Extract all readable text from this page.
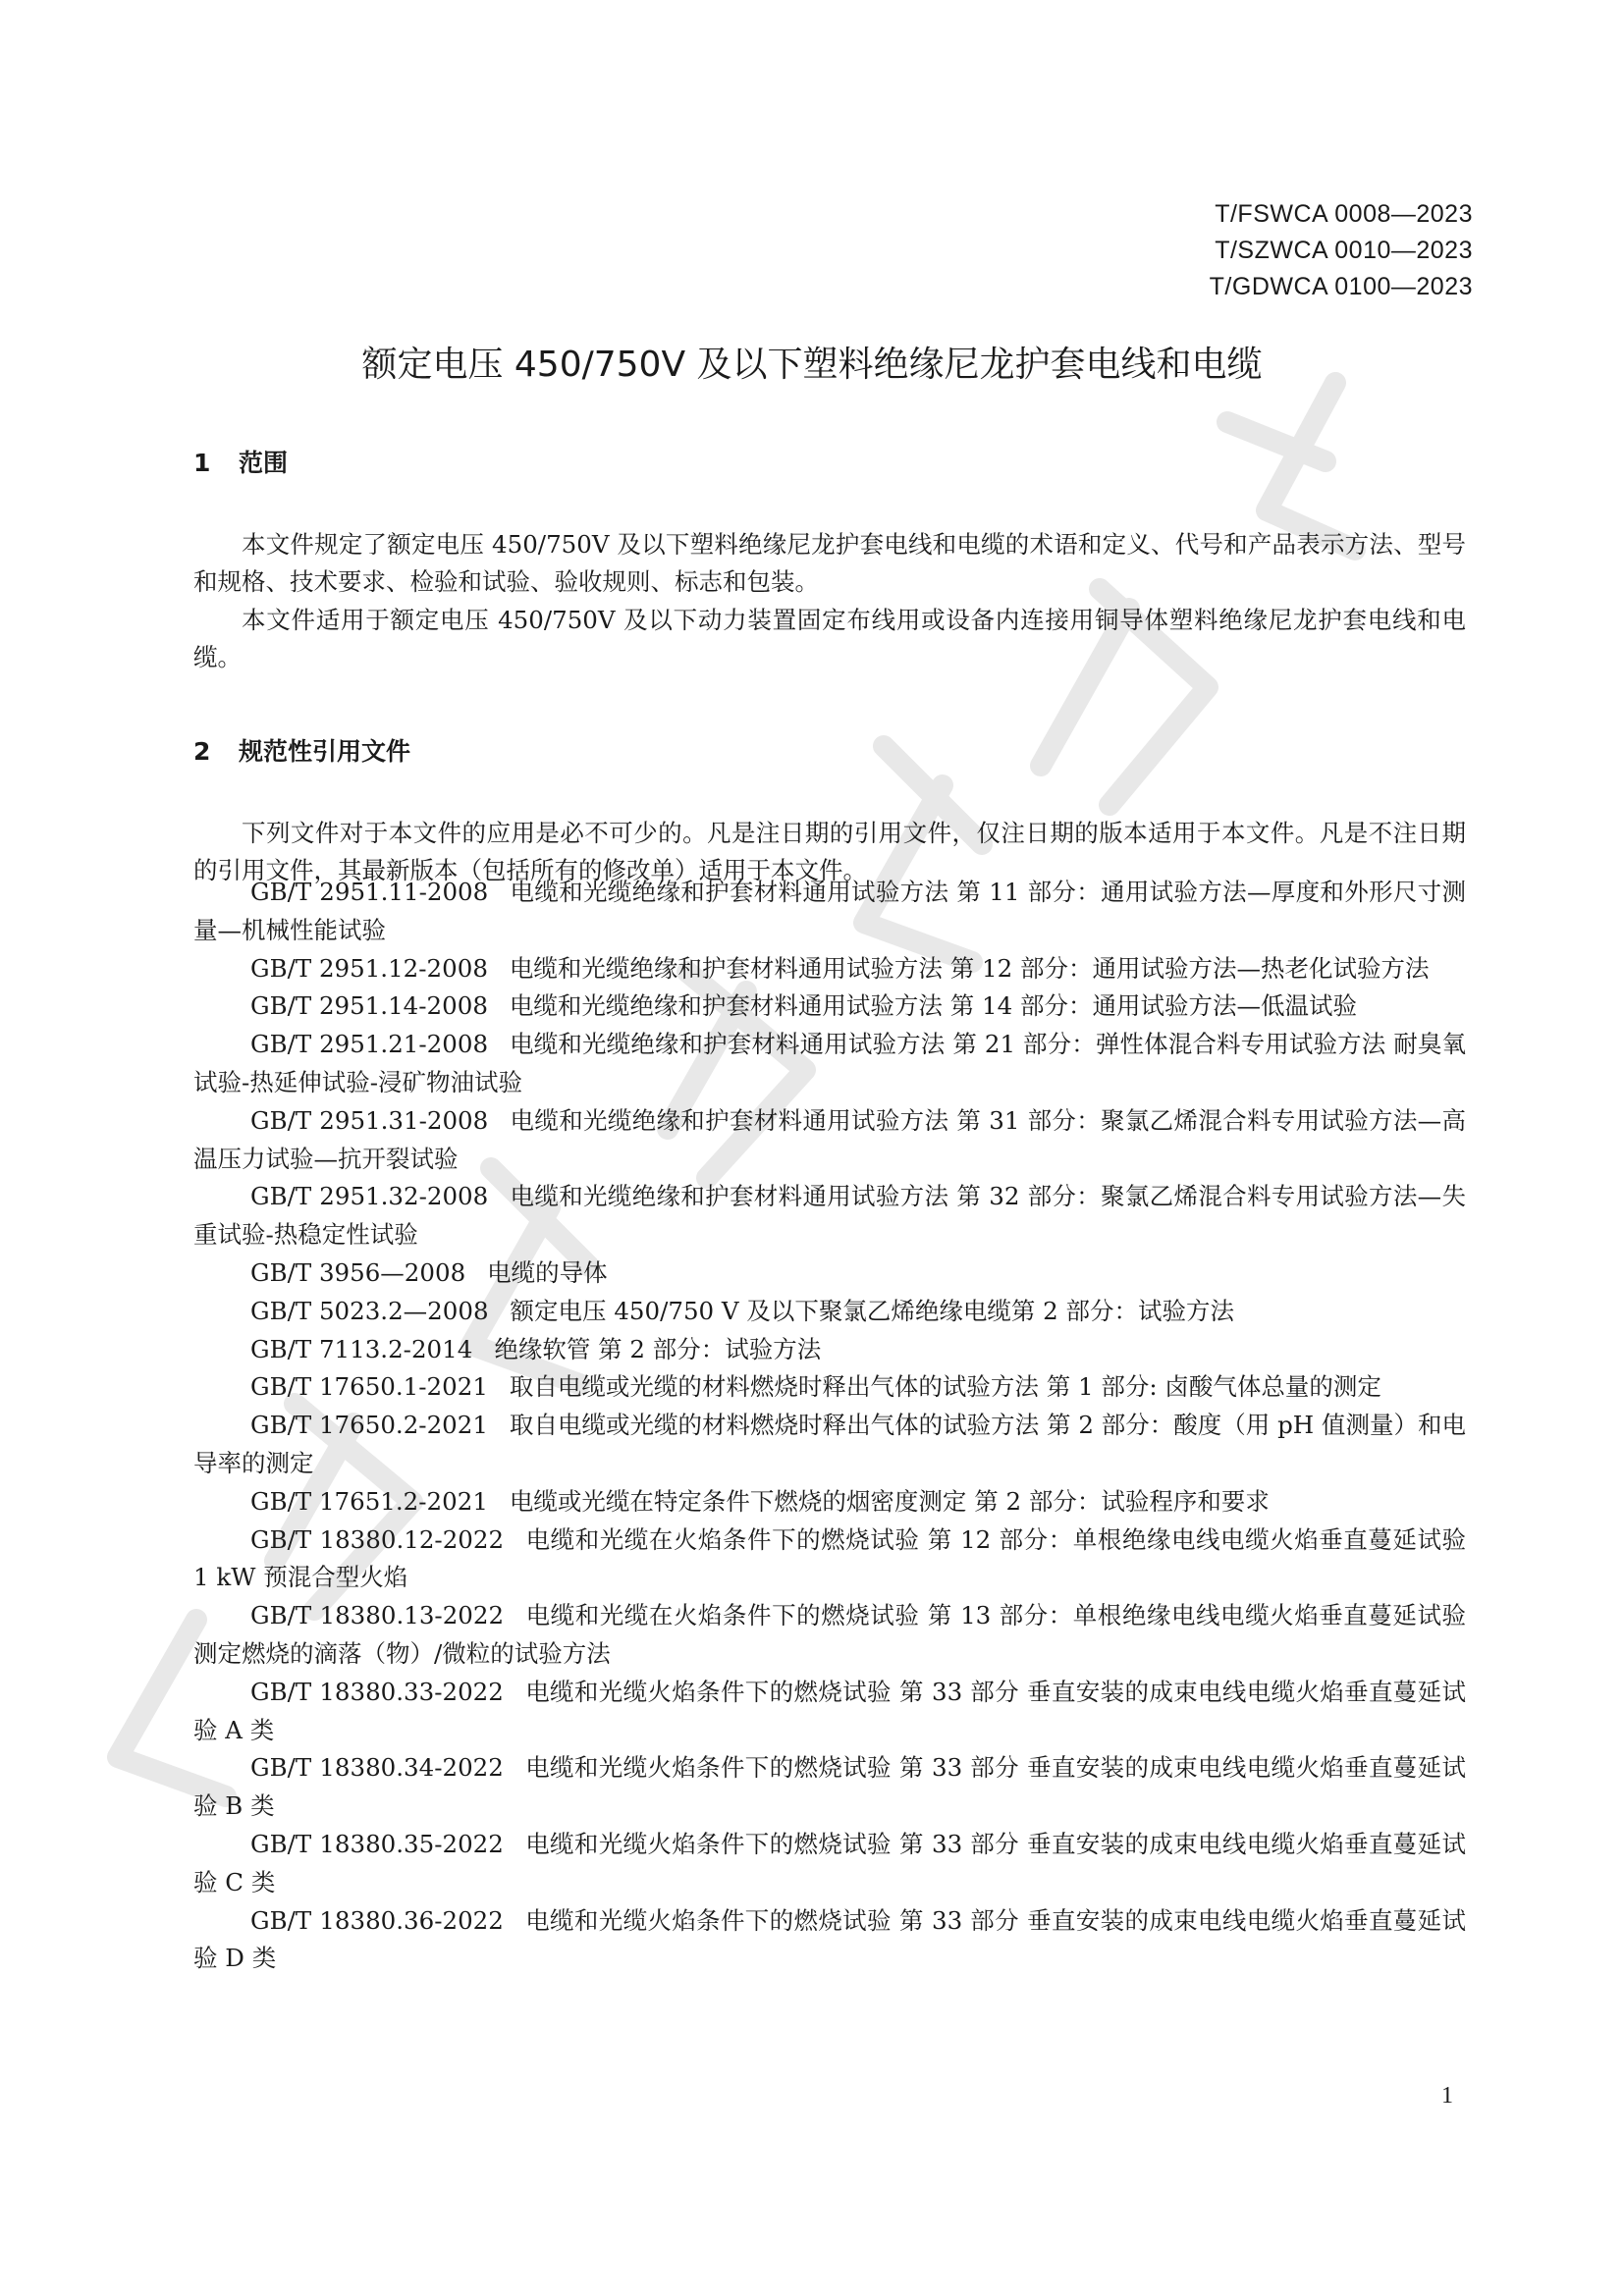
T/FSWCA 0008—2023
T/SZWCA 0010—2023
T/GDWCA 0100—2023
额定电压 450/750V 及以下塑料绝缘尼龙护套电线和电缆
1 范围

本文件规定了额定电压 450/750V 及以下塑料绝缘尼龙护套电线和电缆的术语和定义、代号和产品表示方法、型号和规格、技术要求、检验和试验、验收规则、标志和包装。

本文件适用于额定电压 450/750V 及以下动力装置固定布线用或设备内连接用铜导体塑料绝缘尼龙护套电线和电缆。

2 规范性引用文件

下列文件对于本文件的应用是必不可少的。凡是注日期的引用文件，仅注日期的版本适用于本文件。凡是不注日期的引用文件，其最新版本（包括所有的修改单）适用于本文件。

GB/T 2951.11-2008 电缆和光缆绝缘和护套材料通用试验方法 第 11 部分：通用试验方法—厚度和外形尺寸测量—机械性能试验

GB/T 2951.12-2008 电缆和光缆绝缘和护套材料通用试验方法 第 12 部分：通用试验方法—热老化试验方法

GB/T 2951.14-2008 电缆和光缆绝缘和护套材料通用试验方法 第 14 部分：通用试验方法—低温试验

GB/T 2951.21-2008 电缆和光缆绝缘和护套材料通用试验方法 第 21 部分：弹性体混合料专用试验方法 耐臭氧试验-热延伸试验-浸矿物油试验

GB/T 2951.31-2008 电缆和光缆绝缘和护套材料通用试验方法 第 31 部分：聚氯乙烯混合料专用试验方法—高温压力试验—抗开裂试验

GB/T 2951.32-2008 电缆和光缆绝缘和护套材料通用试验方法 第 32 部分：聚氯乙烯混合料专用试验方法—失重试验-热稳定性试验

GB/T 3956—2008 电缆的导体

GB/T 5023.2—2008 额定电压 450/750 V 及以下聚氯乙烯绝缘电缆第 2 部分：试验方法

GB/T 7113.2-2014 绝缘软管 第 2 部分：试验方法

GB/T 17650.1-2021 取自电缆或光缆的材料燃烧时释出气体的试验方法 第 1 部分: 卤酸气体总量的测定

GB/T 17650.2-2021 取自电缆或光缆的材料燃烧时释出气体的试验方法 第 2 部分：酸度（用 pH 值测量）和电导率的测定

GB/T 17651.2-2021 电缆或光缆在特定条件下燃烧的烟密度测定 第 2 部分：试验程序和要求

GB/T 18380.12-2022 电缆和光缆在火焰条件下的燃烧试验 第 12 部分：单根绝缘电线电缆火焰垂直蔓延试验 1 kW 预混合型火焰

GB/T 18380.13-2022 电缆和光缆在火焰条件下的燃烧试验 第 13 部分：单根绝缘电线电缆火焰垂直蔓延试验 测定燃烧的滴落（物）/微粒的试验方法

GB/T 18380.33-2022 电缆和光缆火焰条件下的燃烧试验 第 33 部分 垂直安装的成束电线电缆火焰垂直蔓延试验 A 类

GB/T 18380.34-2022 电缆和光缆火焰条件下的燃烧试验 第 33 部分 垂直安装的成束电线电缆火焰垂直蔓延试验 B 类

GB/T 18380.35-2022 电缆和光缆火焰条件下的燃烧试验 第 33 部分 垂直安装的成束电线电缆火焰垂直蔓延试验 C 类

GB/T 18380.36-2022 电缆和光缆火焰条件下的燃烧试验 第 33 部分 垂直安装的成束电线电缆火焰垂直蔓延试验 D 类

1
